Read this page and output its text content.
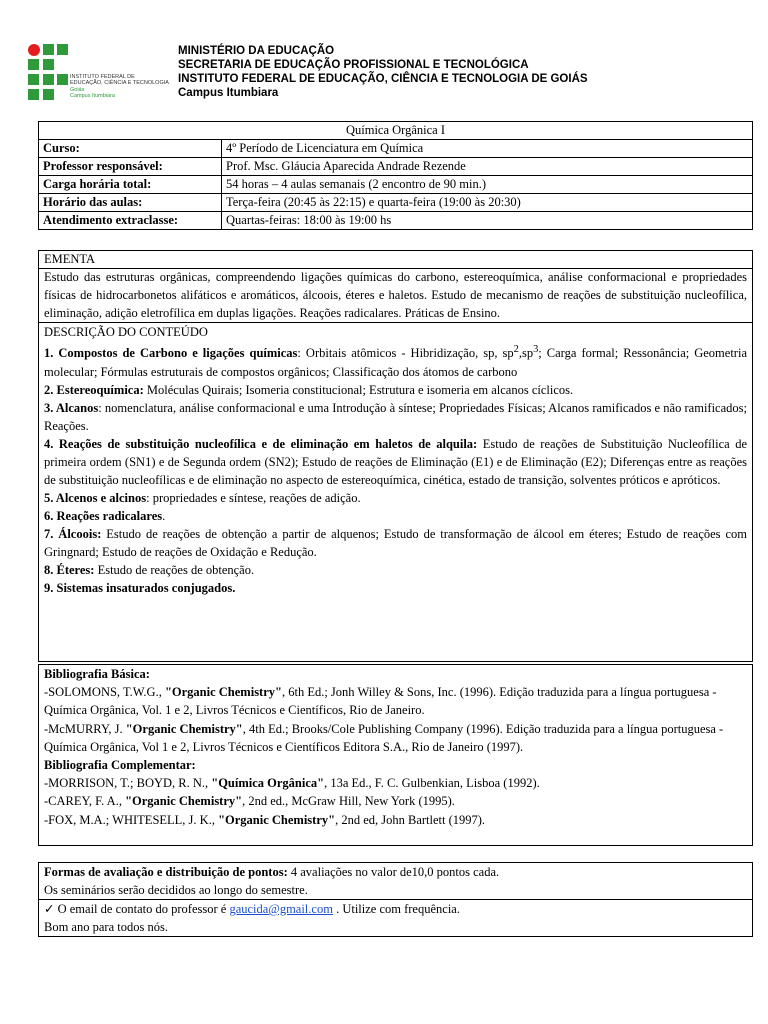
INSTITUTO FEDERAL DE
EDUCAÇÃO, CIÊNCIA E TECNOLOGIA
Goiás
Campus Itumbiara
MINISTÉRIO DA EDUCAÇÃO
SECRETARIA DE EDUCAÇÃO PROFISSIONAL E TECNOLÓGICA
INSTITUTO FEDERAL DE EDUCAÇÃO, CIÊNCIA E TECNOLOGIA DE GOIÁS
Campus Itumbiara
Química Orgânica I	
Curso:	4º Período de Licenciatura em Química
Professor responsável:	Prof. Msc. Gláucia Aparecida Andrade Rezende
Carga horária total:	54 horas – 4 aulas semanais (2 encontro de 90 min.)
Horário das aulas:	Terça-feira (20:45 às 22:15) e quarta-feira (19:00 às 20:30)
Atendimento extraclasse:	Quartas-feiras: 18:00 às 19:00 hs
EMENTA
Estudo das estruturas orgânicas, compreendendo ligações químicas do carbono, estereoquímica, análise conformacional e propriedades físicas de hidrocarbonetos alifáticos e aromáticos, álcoois, éteres e haletos. Estudo de mecanismo de reações de substituição nucleofílica, eliminação, adição eletrofílica em duplas ligações. Reações radicalares. Práticas de Ensino.

DESCRIÇÃO DO CONTEÚDO

1. Compostos de Carbono e ligações químicas: Orbitais atômicos - Hibridização, sp, $sp^2,sp^3$; Carga formal; Ressonância; Geometria molecular; Fórmulas estruturais de compostos orgânicos; Classificação dos átomos de carbono

2. Estereoquímica: Moléculas Quirais; Isomeria constitucional; Estrutura e isomeria em alcanos cíclicos.

3. Alcanos: nomenclatura, análise conformacional e uma Introdução à síntese; Propriedades Físicas; Alcanos ramificados e não ramificados; Reações.

4. Reações de substituição nucleofílica e de eliminação em haletos de alquila: Estudo de reações de Substituição Nucleofílica de primeira ordem (SN1) e de Segunda ordem (SN2); Estudo de reações de Eliminação (E1) e de Eliminação (E2); Diferenças entre as reações de substituição nucleofílicas e de eliminação no aspecto de estereoquímica, cinética, estado de transição, solventes próticos e apróticos.

5. Alcenos e alcinos: propriedades e síntese, reações de adição.

6. Reações radicalares.

7. Álcoois: Estudo de reações de obtenção a partir de alquenos; Estudo de transformação de álcool em éteres; Estudo de reações com Gringnard; Estudo de reações de Oxidação e Redução.

8. Éteres: Estudo de reações de obtenção.

9. Sistemas insaturados conjugados.

Bibliografia Básica:

-SOLOMONS, T.W.G., "Organic Chemistry", 6th Ed.; Jonh Willey & Sons, Inc. (1996). Edição traduzida para a língua portuguesa - Química Orgânica, Vol. 1 e 2, Livros Técnicos e Científicos, Rio de Janeiro.

-McMURRY, J. "Organic Chemistry", 4th Ed.; Brooks/Cole Publishing Company (1996). Edição traduzida para a língua portuguesa - Química Orgânica, Vol 1 e 2, Livros Técnicos e Científicos Editora S.A., Rio de Janeiro (1997).

Bibliografia Complementar:

-MORRISON, T.; BOYD, R. N., "Química Orgânica", 13a Ed., F. C. Gulbenkian, Lisboa (1992).

-CAREY, F. A., "Organic Chemistry", 2nd ed., McGraw Hill, New York (1995).

-FOX, M.A.; WHITESELL, J. K., "Organic Chemistry", 2nd ed, John Bartlett (1997).

Formas de avaliação e distribuição de pontos: 4 avaliações no valor de10,0 pontos cada.
Os seminários serão decididos ao longo do semestre.
✓ O email de contato do professor é gaucida@gmail.com . Utilize com frequência.
Bom ano para todos nós.
